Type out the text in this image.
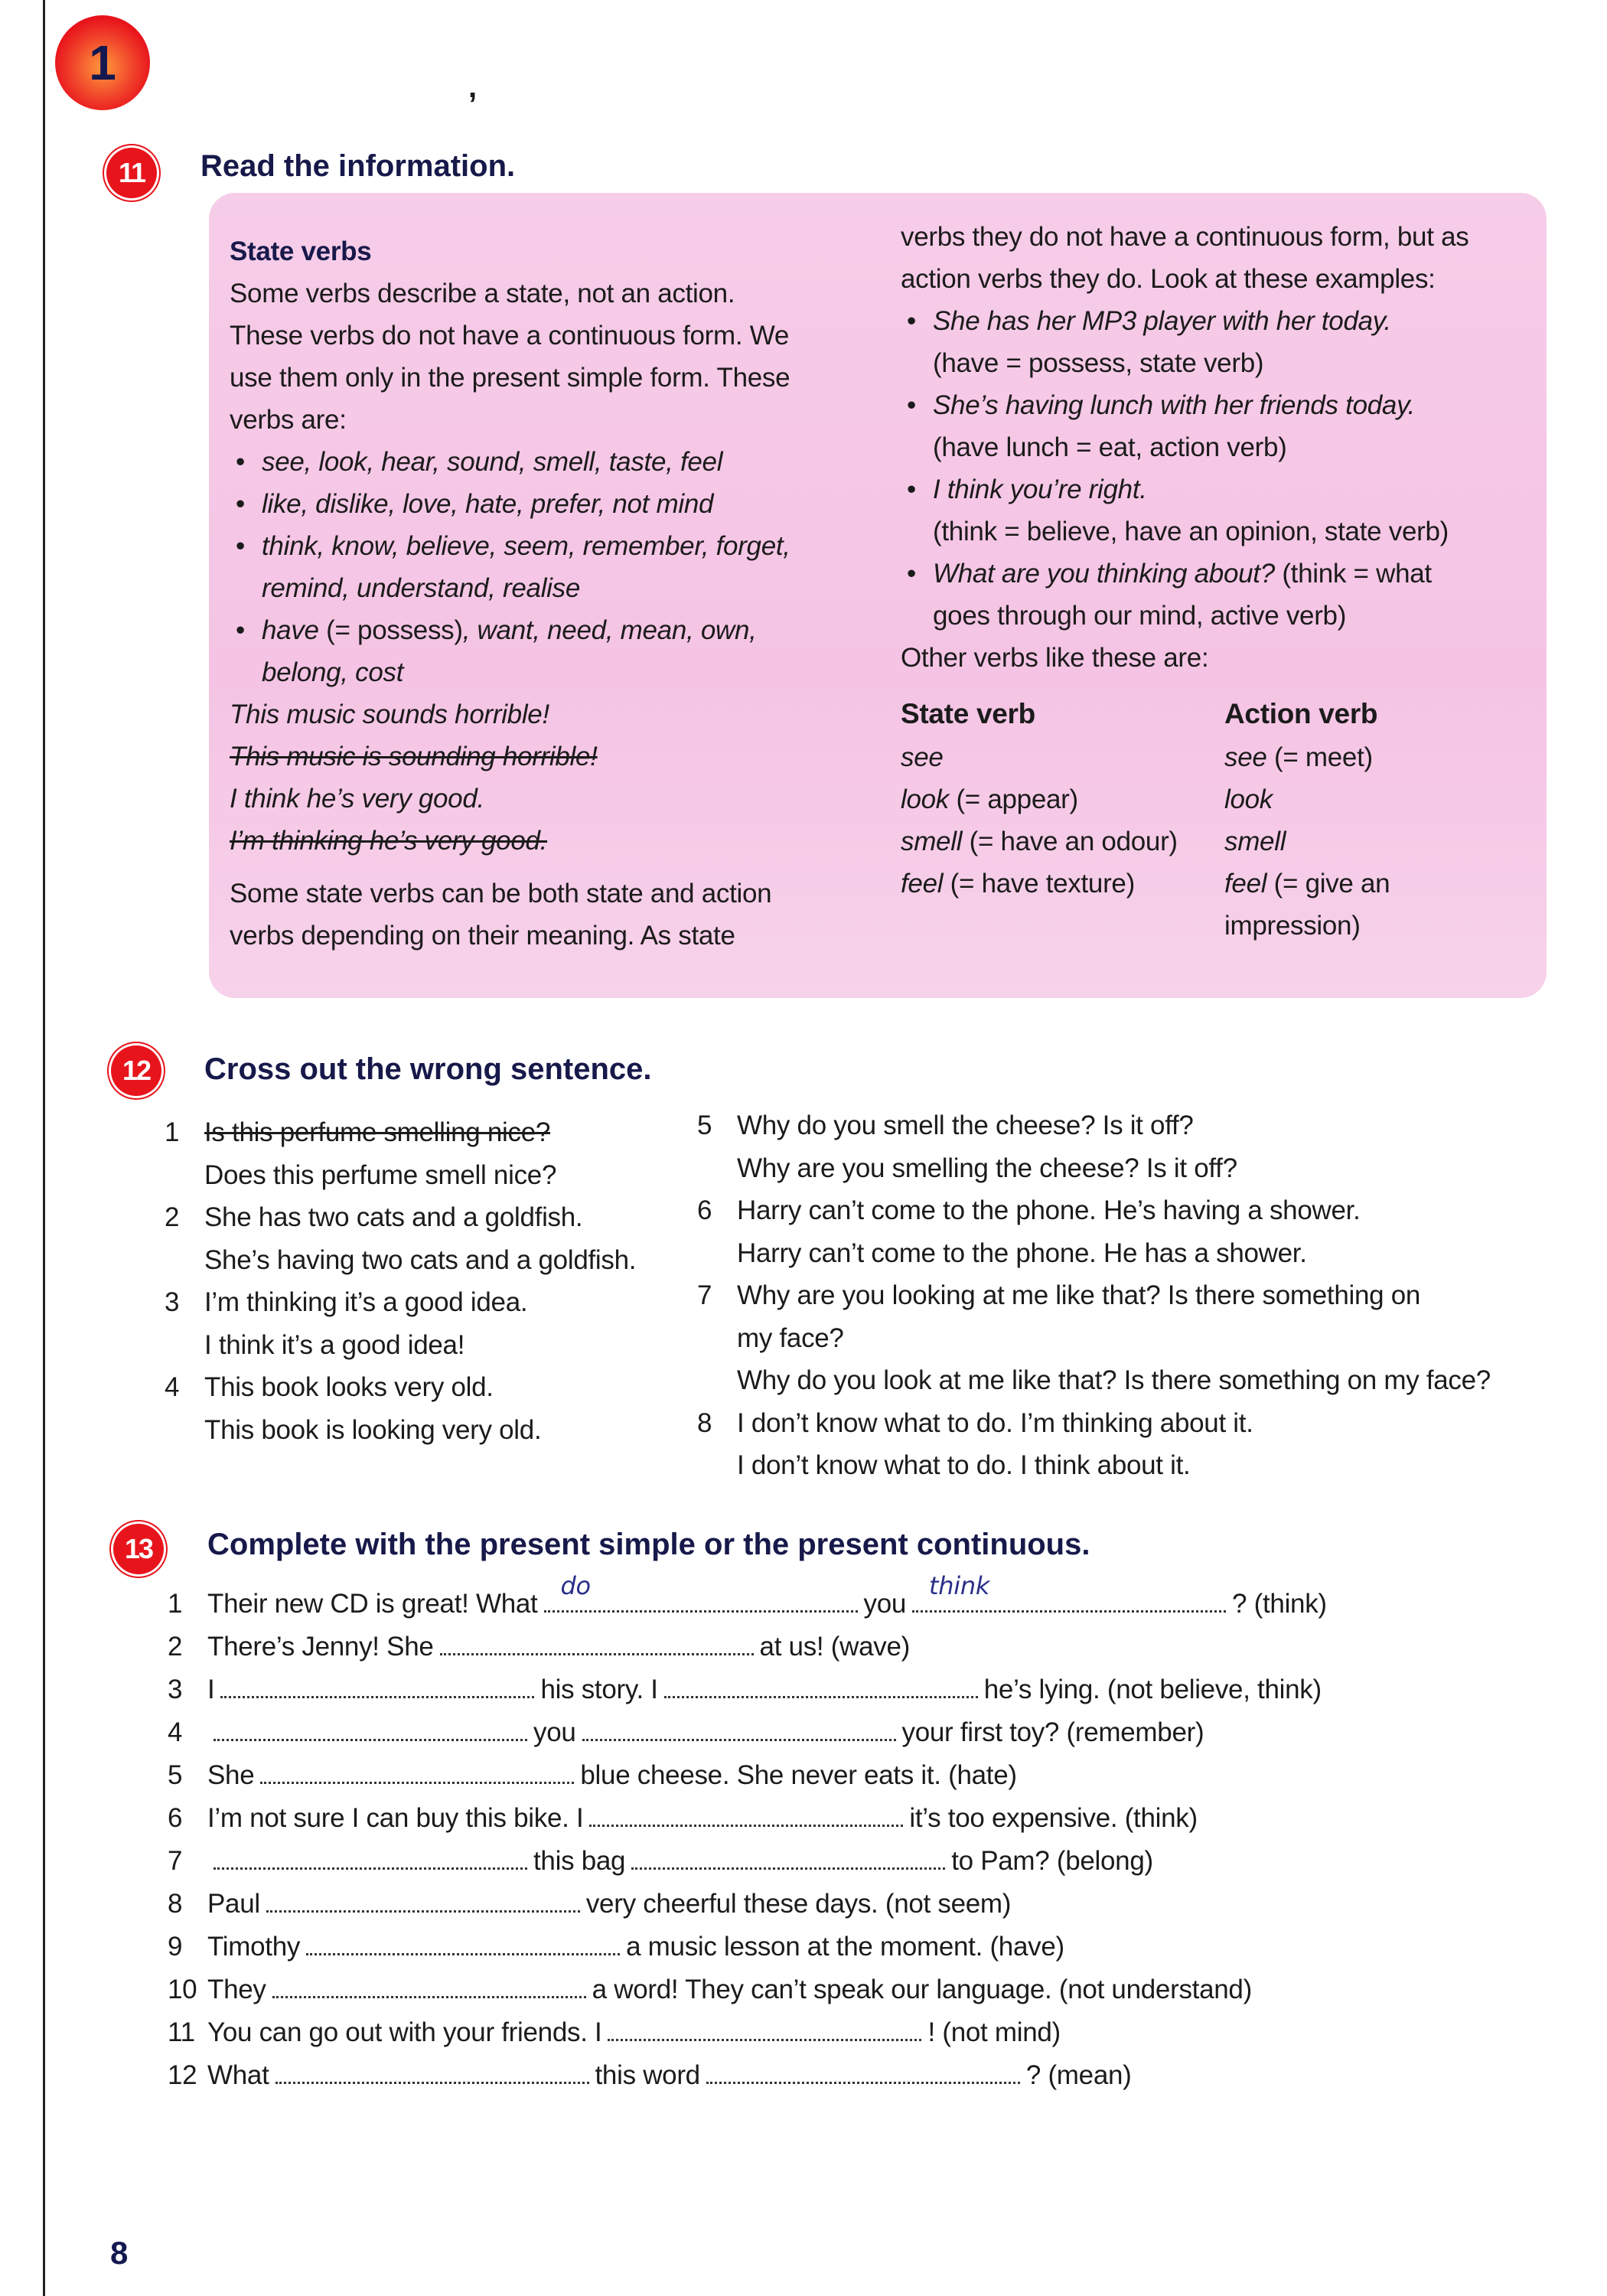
1	,
11	Read the information.
State verbs
Some verbs describe a state, not an action.
These verbs do not have a continuous form. We
use them only in the present simple form. These
verbs are:
• see, look, hear, sound, smell, taste, feel
• like, dislike, love, hate, prefer, not mind
• think, know, believe, seem, remember, forget,
remind, understand, realise
• have (= possess), want, need, mean, own,
belong, cost
This music sounds horrible!
This music is sounding horrible!
I think he’s very good.
I’m thinking he’s very good.
Some state verbs can be both state and action
verbs depending on their meaning. As state
verbs they do not have a continuous form, but as
action verbs they do. Look at these examples:
• She has her MP3 player with her today.
(have = possess, state verb)
• She’s having lunch with her friends today.
(have lunch = eat, action verb)
• I think you’re right.
(think = believe, have an opinion, state verb)
• What are you thinking about? (think = what
goes through our mind, active verb)
Other verbs like these are:
State verb	Action verb
see	see (= meet)
look (= appear)	look
smell (= have an odour)	smell
feel (= have texture)	feel (= give an
impression)
12	Cross out the wrong sentence.
1 Is this perfume smelling nice?
Does this perfume smell nice?
2 She has two cats and a goldfish.
She’s having two cats and a goldfish.
3 I’m thinking it’s a good idea.
I think it’s a good idea!
4 This book looks very old.
This book is looking very old.
5 Why do you smell the cheese? Is it off?
Why are you smelling the cheese? Is it off?
6 Harry can’t come to the phone. He’s having a shower.
Harry can’t come to the phone. He has a shower.
7 Why are you looking at me like that? Is there something on
my face?
Why do you look at me like that? Is there something on my face?
8 I don’t know what to do. I’m thinking about it.
I don’t know what to do. I think about it.
13	Complete with the present simple or the present continuous.
1 Their new CD is great! What
do
you
think
? (think)
2 There’s Jenny! She	at us! (wave)
3 I	his story. I	he’s lying. (not believe, think)
4	you	your first toy? (remember)
5 She	blue cheese. She never eats it. (hate)
6 I’m not sure I can buy this bike. I	it’s too expensive. (think)
7	this bag	to Pam? (belong)
8 Paul	very cheerful these days. (not seem)
9 Timothy	a music lesson at the moment. (have)
10 They	a word! They can’t speak our language. (not understand)
11 You can go out with your friends. I	! (not mind)
12 What	this word	? (mean)
8
